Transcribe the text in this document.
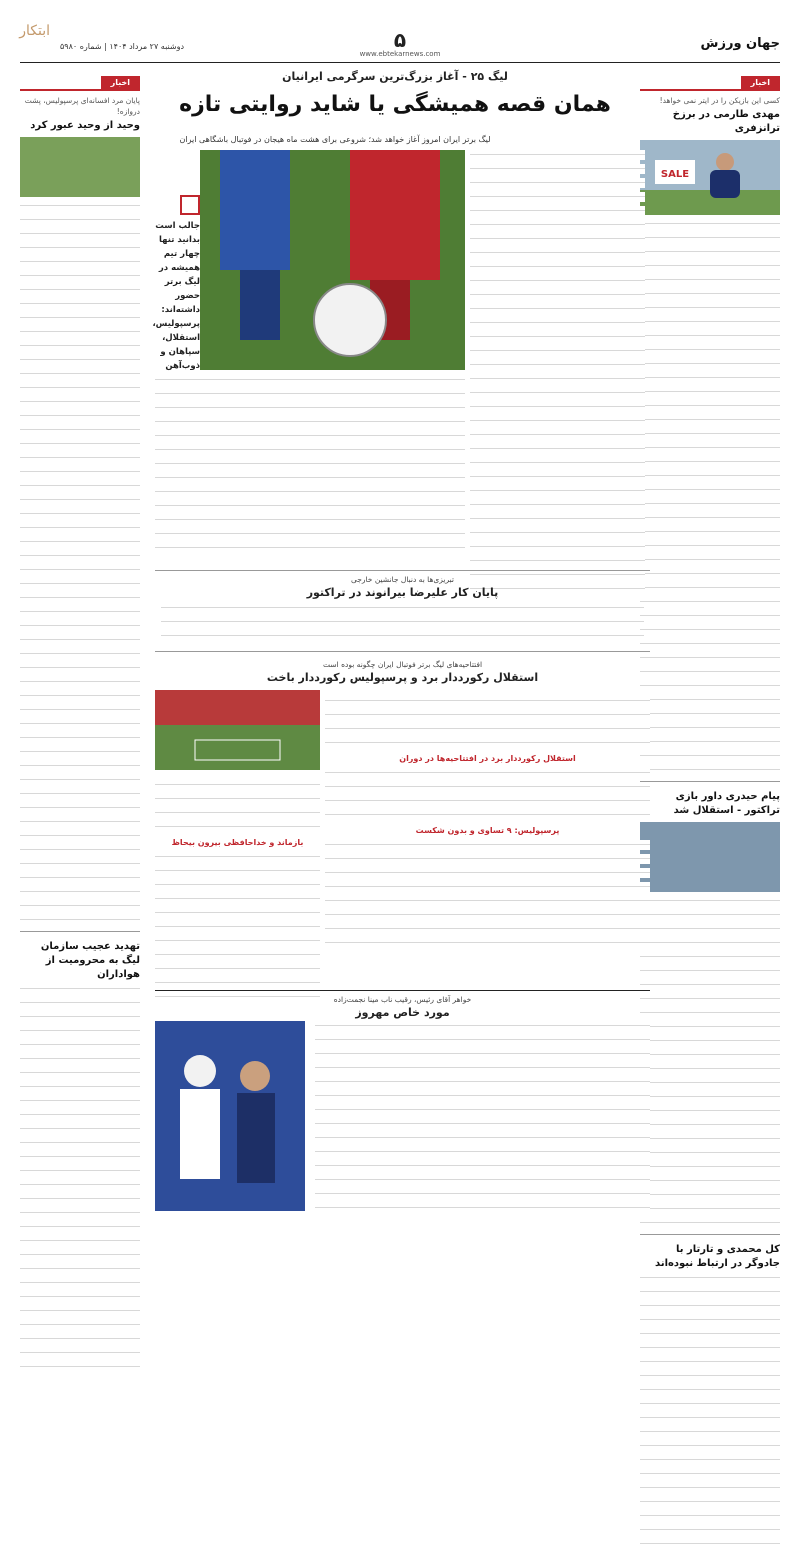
جهان ورزش
۵
www.ebtekarnews.com
دوشنبه ۲۷ مرداد ۱۴۰۴ | شماره ۵۹۸۰
ابتکار
اخبار
کسی این بازیکن را در ایتر نمی خواهد!
مهدی طارمی در برزخ ترانزفری
SALE
پیام حیدری داور بازی تراکتور - استقلال شد
کل محمدی و تارتار با جادوگر در ارتباط نبوده‌اند
اخبار
پایان مرد افسانه‌ای پرسپولیس، پشت دروازه!
وحید از وحید عبور کرد
تهدید عجیب سازمان لیگ به محرومیت از هواداران
لیگ ۲۵ - آغاز بزرگ‌ترین سرگرمی ایرانیان
همان قصه همیشگی یا شاید روایتی تازه
لیگ برتر ایران امروز آغاز خواهد شد؛ شروعی برای هشت ماه هیجان در فوتبال باشگاهی ایران
جالب است بدانید تنها چهار تیم همیشه در لیگ برتر حضور داشته‌اند: پرسپولیس، استقلال، سپاهان و ذوب‌آهن
تبریزی‌ها به دنبال جانشین خارجی
پایان کار علیرضا بیرانوند در تراکتور
افتتاحیه‌های لیگ برتر فوتبال ایران چگونه بوده است
استقلال رکورددار برد و پرسپولیس رکورددار باخت
استقلال رکورددار برد در افتتاحیه‌ها در دوران
پرسپولیس: ۹ تساوی و بدون شکست
بازماند و خداحافظی بیرون بیحاظ
خواهر آقای رئیس، رقیب ناب مینا نجمت‌زاده
مورد خاص مهروز
